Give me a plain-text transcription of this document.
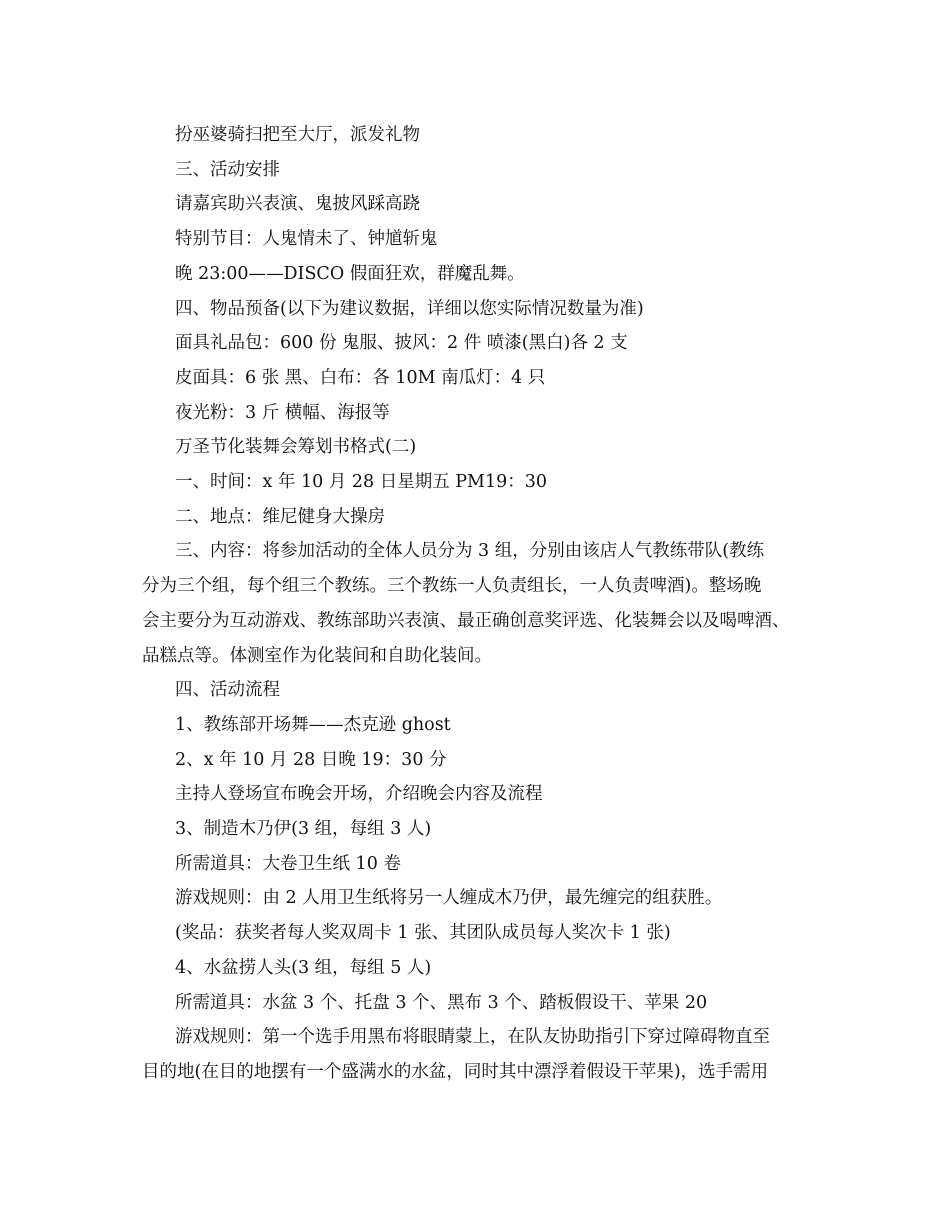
扮巫婆骑扫把至大厅，派发礼物
三、活动安排
请嘉宾助兴表演、鬼披风踩高跷
特别节目：人鬼情未了、钟馗斩鬼
晚 23:00——DISCO 假面狂欢，群魔乱舞。
四、物品预备(以下为建议数据，详细以您实际情况数量为准)
面具礼品包：600 份 鬼服、披风：2 件 喷漆(黑白)各 2 支
皮面具：6 张 黑、白布：各 10M 南瓜灯：4 只
夜光粉：3 斤 横幅、海报等
万圣节化装舞会筹划书格式(二)
一、时间：x 年 10 月 28 日星期五 PM19：30
二、地点：维尼健身大操房
三、内容：将参加活动的全体人员分为 3 组，分别由该店人气教练带队(教练
分为三个组，每个组三个教练。三个教练一人负责组长，一人负责啤酒)。整场晚
会主要分为互动游戏、教练部助兴表演、最正确创意奖评选、化装舞会以及喝啤酒、
品糕点等。体测室作为化装间和自助化装间。
四、活动流程
1、教练部开场舞——杰克逊 ghost
2、x 年 10 月 28 日晚 19：30 分
主持人登场宣布晚会开场，介绍晚会内容及流程
3、制造木乃伊(3 组，每组 3 人)
所需道具：大卷卫生纸 10 卷
游戏规则：由 2 人用卫生纸将另一人缠成木乃伊，最先缠完的组获胜。
(奖品：获奖者每人奖双周卡 1 张、其团队成员每人奖次卡 1 张)
4、水盆捞人头(3 组，每组 5 人)
所需道具：水盆 3 个、托盘 3 个、黑布 3 个、踏板假设干、苹果 20
游戏规则：第一个选手用黑布将眼睛蒙上，在队友协助指引下穿过障碍物直至
目的地(在目的地摆有一个盛满水的水盆，同时其中漂浮着假设干苹果)，选手需用
